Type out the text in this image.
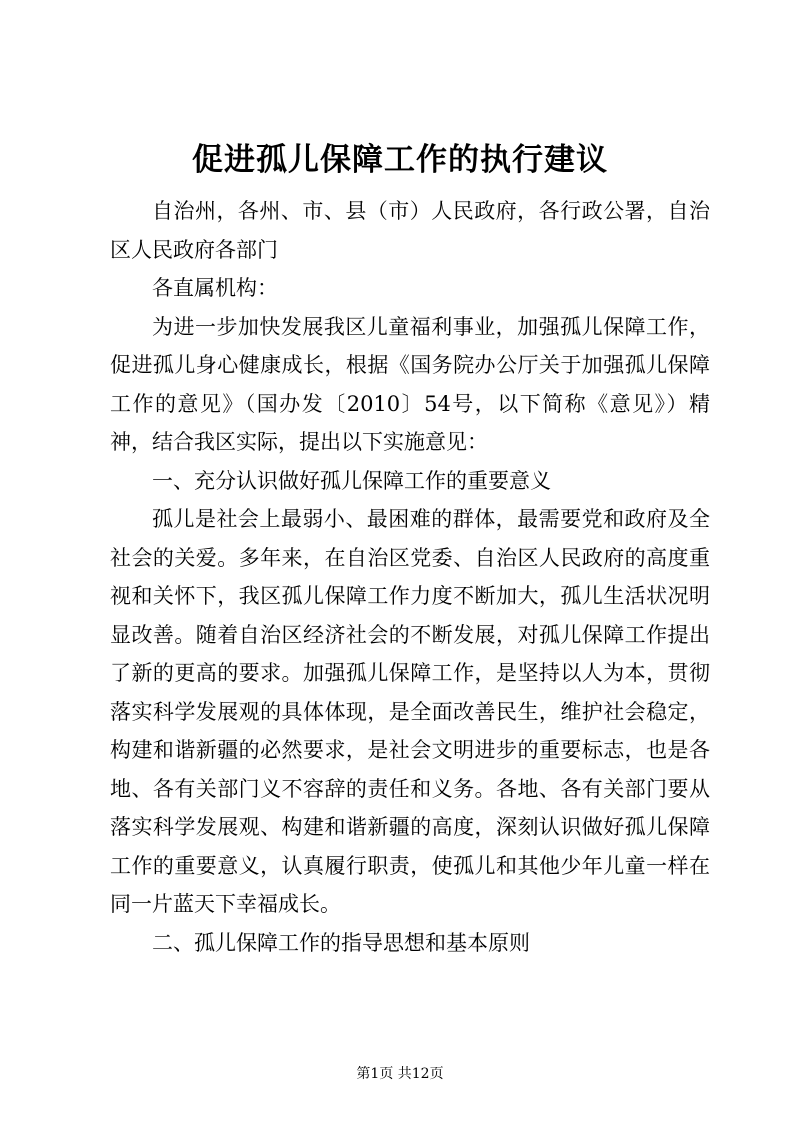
促进孤儿保障工作的执行建议

自治州，各州、市、县（市）人民政府，各行政公署，自治区人民政府各部门

各直属机构：

为进一步加快发展我区儿童福利事业，加强孤儿保障工作，促进孤儿身心健康成长，根据《国务院办公厅关于加强孤儿保障工作的意见》（国办发〔2010〕54号，以下简称《意见》）精神，结合我区实际，提出以下实施意见：

一、充分认识做好孤儿保障工作的重要意义

孤儿是社会上最弱小、最困难的群体，最需要党和政府及全社会的关爱。多年来，在自治区党委、自治区人民政府的高度重视和关怀下，我区孤儿保障工作力度不断加大，孤儿生活状况明显改善。随着自治区经济社会的不断发展，对孤儿保障工作提出了新的更高的要求。加强孤儿保障工作，是坚持以人为本，贯彻落实科学发展观的具体体现，是全面改善民生，维护社会稳定，构建和谐新疆的必然要求，是社会文明进步的重要标志，也是各地、各有关部门义不容辞的责任和义务。各地、各有关部门要从落实科学发展观、构建和谐新疆的高度，深刻认识做好孤儿保障工作的重要意义，认真履行职责，使孤儿和其他少年儿童一样在同一片蓝天下幸福成长。

二、孤儿保障工作的指导思想和基本原则

第1页 共12页
